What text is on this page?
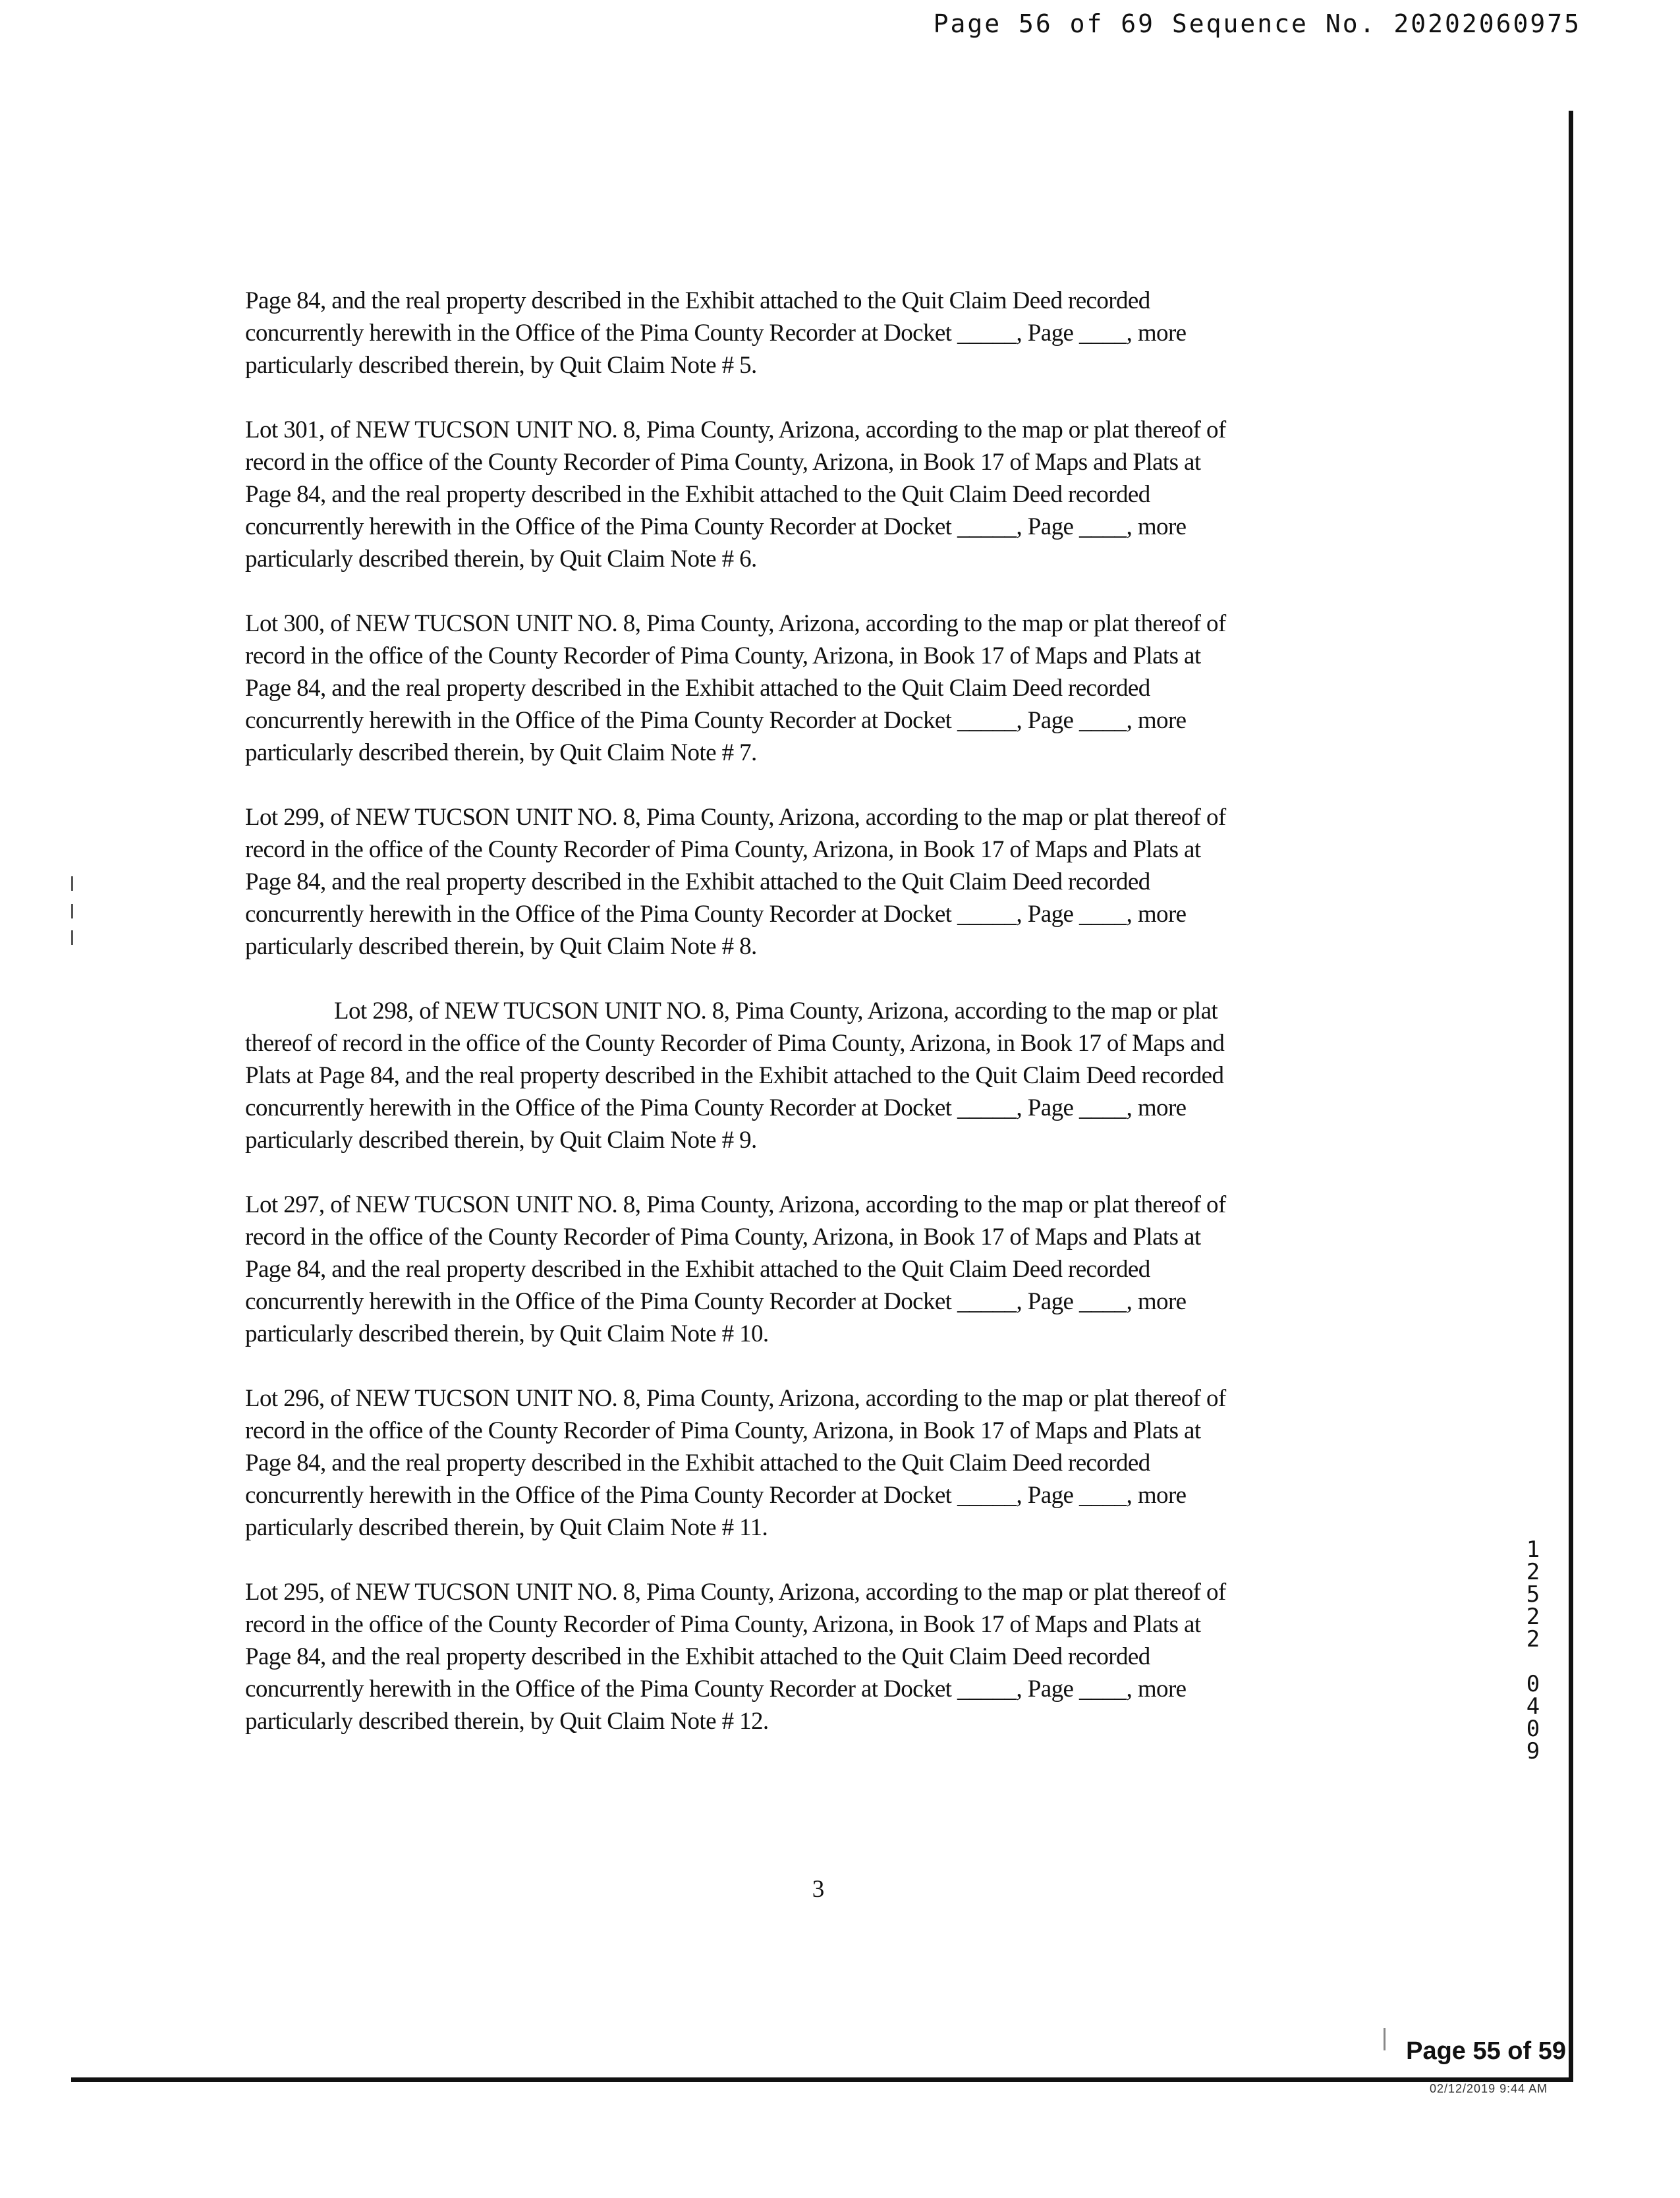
Page 56 of 69 Sequence No. 20202060975

Page 84, and the real property described in the Exhibit attached to the Quit Claim Deed recorded
concurrently herewith in the Office of the Pima County Recorder at Docket _____, Page ____, more
particularly described therein, by Quit Claim Note # 5.

Lot 301, of NEW TUCSON UNIT NO. 8, Pima County, Arizona, according to the map or plat thereof of
record in the office of the County Recorder of Pima County, Arizona, in Book 17 of Maps and Plats at
Page 84, and the real property described in the Exhibit attached to the Quit Claim Deed recorded
concurrently herewith in the Office of the Pima County Recorder at Docket _____, Page ____, more
particularly described therein, by Quit Claim Note # 6.

Lot 300, of NEW TUCSON UNIT NO. 8, Pima County, Arizona, according to the map or plat thereof of
record in the office of the County Recorder of Pima County, Arizona, in Book 17 of Maps and Plats at
Page 84, and the real property described in the Exhibit attached to the Quit Claim Deed recorded
concurrently herewith in the Office of the Pima County Recorder at Docket _____, Page ____, more
particularly described therein, by Quit Claim Note # 7.

Lot 299, of NEW TUCSON UNIT NO. 8, Pima County, Arizona, according to the map or plat thereof of
record in the office of the County Recorder of Pima County, Arizona, in Book 17 of Maps and Plats at
Page 84, and the real property described in the Exhibit attached to the Quit Claim Deed recorded
concurrently herewith in the Office of the Pima County Recorder at Docket _____, Page ____, more
particularly described therein, by Quit Claim Note # 8.

Lot 298, of NEW TUCSON UNIT NO. 8, Pima County, Arizona, according to the map or plat
thereof of record in the office of the County Recorder of Pima County, Arizona, in Book 17 of Maps and
Plats at Page 84, and the real property described in the Exhibit attached to the Quit Claim Deed recorded
concurrently herewith in the Office of the Pima County Recorder at Docket _____, Page ____, more
particularly described therein, by Quit Claim Note # 9.

Lot 297, of NEW TUCSON UNIT NO. 8, Pima County, Arizona, according to the map or plat thereof of
record in the office of the County Recorder of Pima County, Arizona, in Book 17 of Maps and Plats at
Page 84, and the real property described in the Exhibit attached to the Quit Claim Deed recorded
concurrently herewith in the Office of the Pima County Recorder at Docket _____, Page ____, more
particularly described therein, by Quit Claim Note # 10.

Lot 296, of NEW TUCSON UNIT NO. 8, Pima County, Arizona, according to the map or plat thereof of
record in the office of the County Recorder of Pima County, Arizona, in Book 17 of Maps and Plats at
Page 84, and the real property described in the Exhibit attached to the Quit Claim Deed recorded
concurrently herewith in the Office of the Pima County Recorder at Docket _____, Page ____, more
particularly described therein, by Quit Claim Note # 11.

Lot 295, of NEW TUCSON UNIT NO. 8, Pima County, Arizona, according to the map or plat thereof of
record in the office of the County Recorder of Pima County, Arizona, in Book 17 of Maps and Plats at
Page 84, and the real property described in the Exhibit attached to the Quit Claim Deed recorded
concurrently herewith in the Office of the Pima County Recorder at Docket _____, Page ____, more
particularly described therein, by Quit Claim Note # 12.

3
12522 0409
Page 55 of 59
02/12/2019 9:44 AM
